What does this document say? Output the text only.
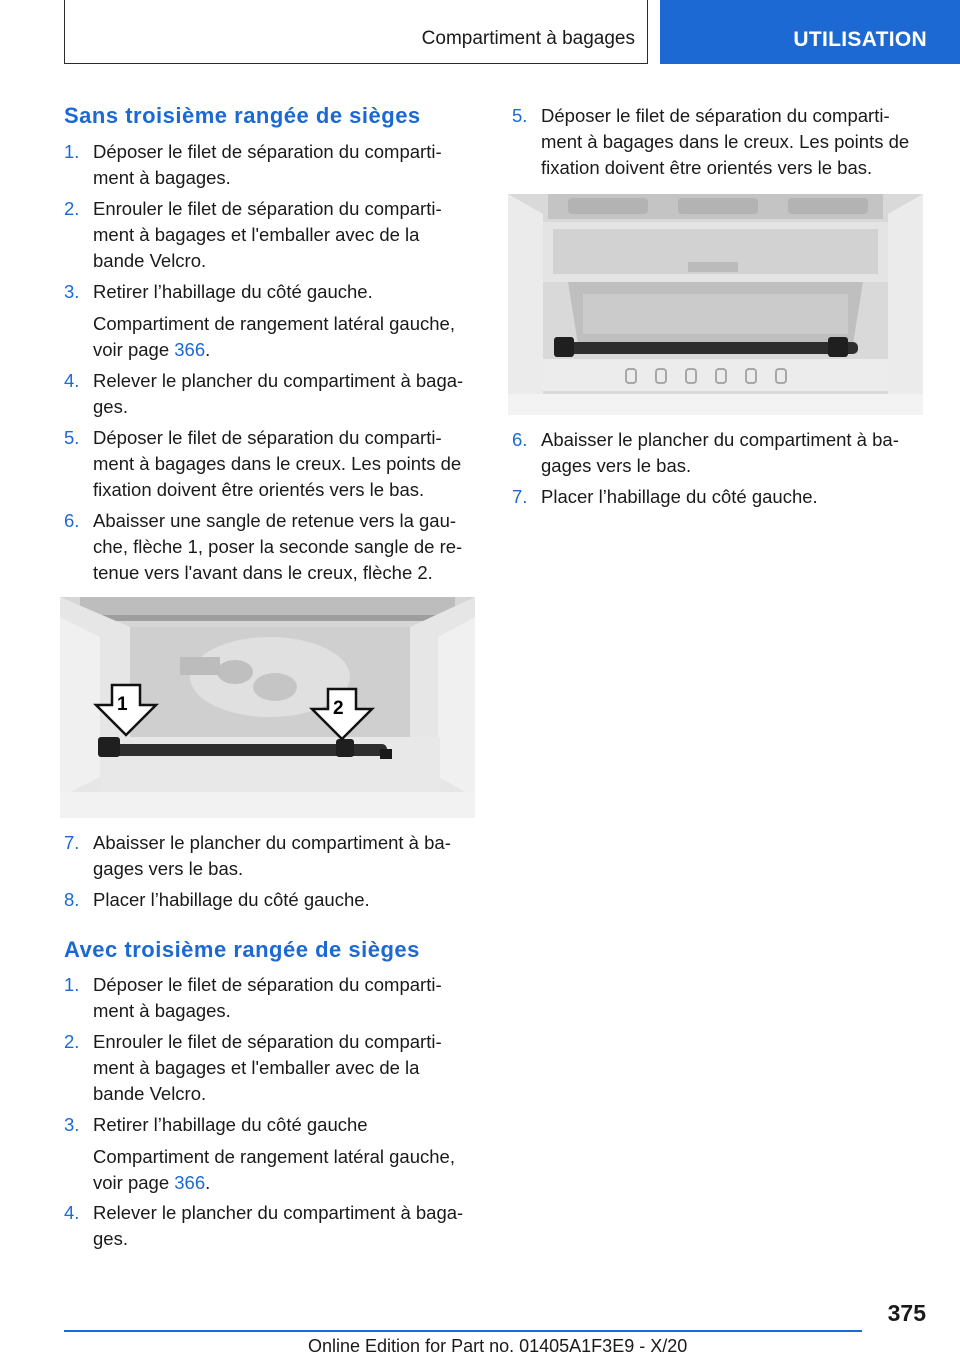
Compartiment à bagages	UTILISATION
Sans troisième rangée de sièges
1. Déposer le filet de séparation du comparti-
ment à bagages.
2. Enrouler le filet de séparation du comparti-
ment à bagages et l'emballer avec de la
bande Velcro.
3. Retirer l’habillage du côté gauche.
Compartiment de rangement latéral gauche,
voir page 366.
4. Relever le plancher du compartiment à baga-
ges.
5. Déposer le filet de séparation du comparti-
ment à bagages dans le creux. Les points de
fixation doivent être orientés vers le bas.
6. Abaisser une sangle de retenue vers la gau-
che, flèche 1, poser la seconde sangle de re-
tenue vers l'avant dans le creux, flèche 2.
1	2
7. Abaisser le plancher du compartiment à ba-
gages vers le bas.
8. Placer l’habillage du côté gauche.
Avec troisième rangée de sièges
1. Déposer le filet de séparation du comparti-
ment à bagages.
2. Enrouler le filet de séparation du comparti-
ment à bagages et l'emballer avec de la
bande Velcro.
3. Retirer l’habillage du côté gauche
Compartiment de rangement latéral gauche,
voir page 366.
4. Relever le plancher du compartiment à baga-
ges.
5. Déposer le filet de séparation du comparti-
ment à bagages dans le creux. Les points de
fixation doivent être orientés vers le bas.
6. Abaisser le plancher du compartiment à ba-
gages vers le bas.
7. Placer l’habillage du côté gauche.
375
Online Edition for Part no. 01405A1F3E9 - X/20
